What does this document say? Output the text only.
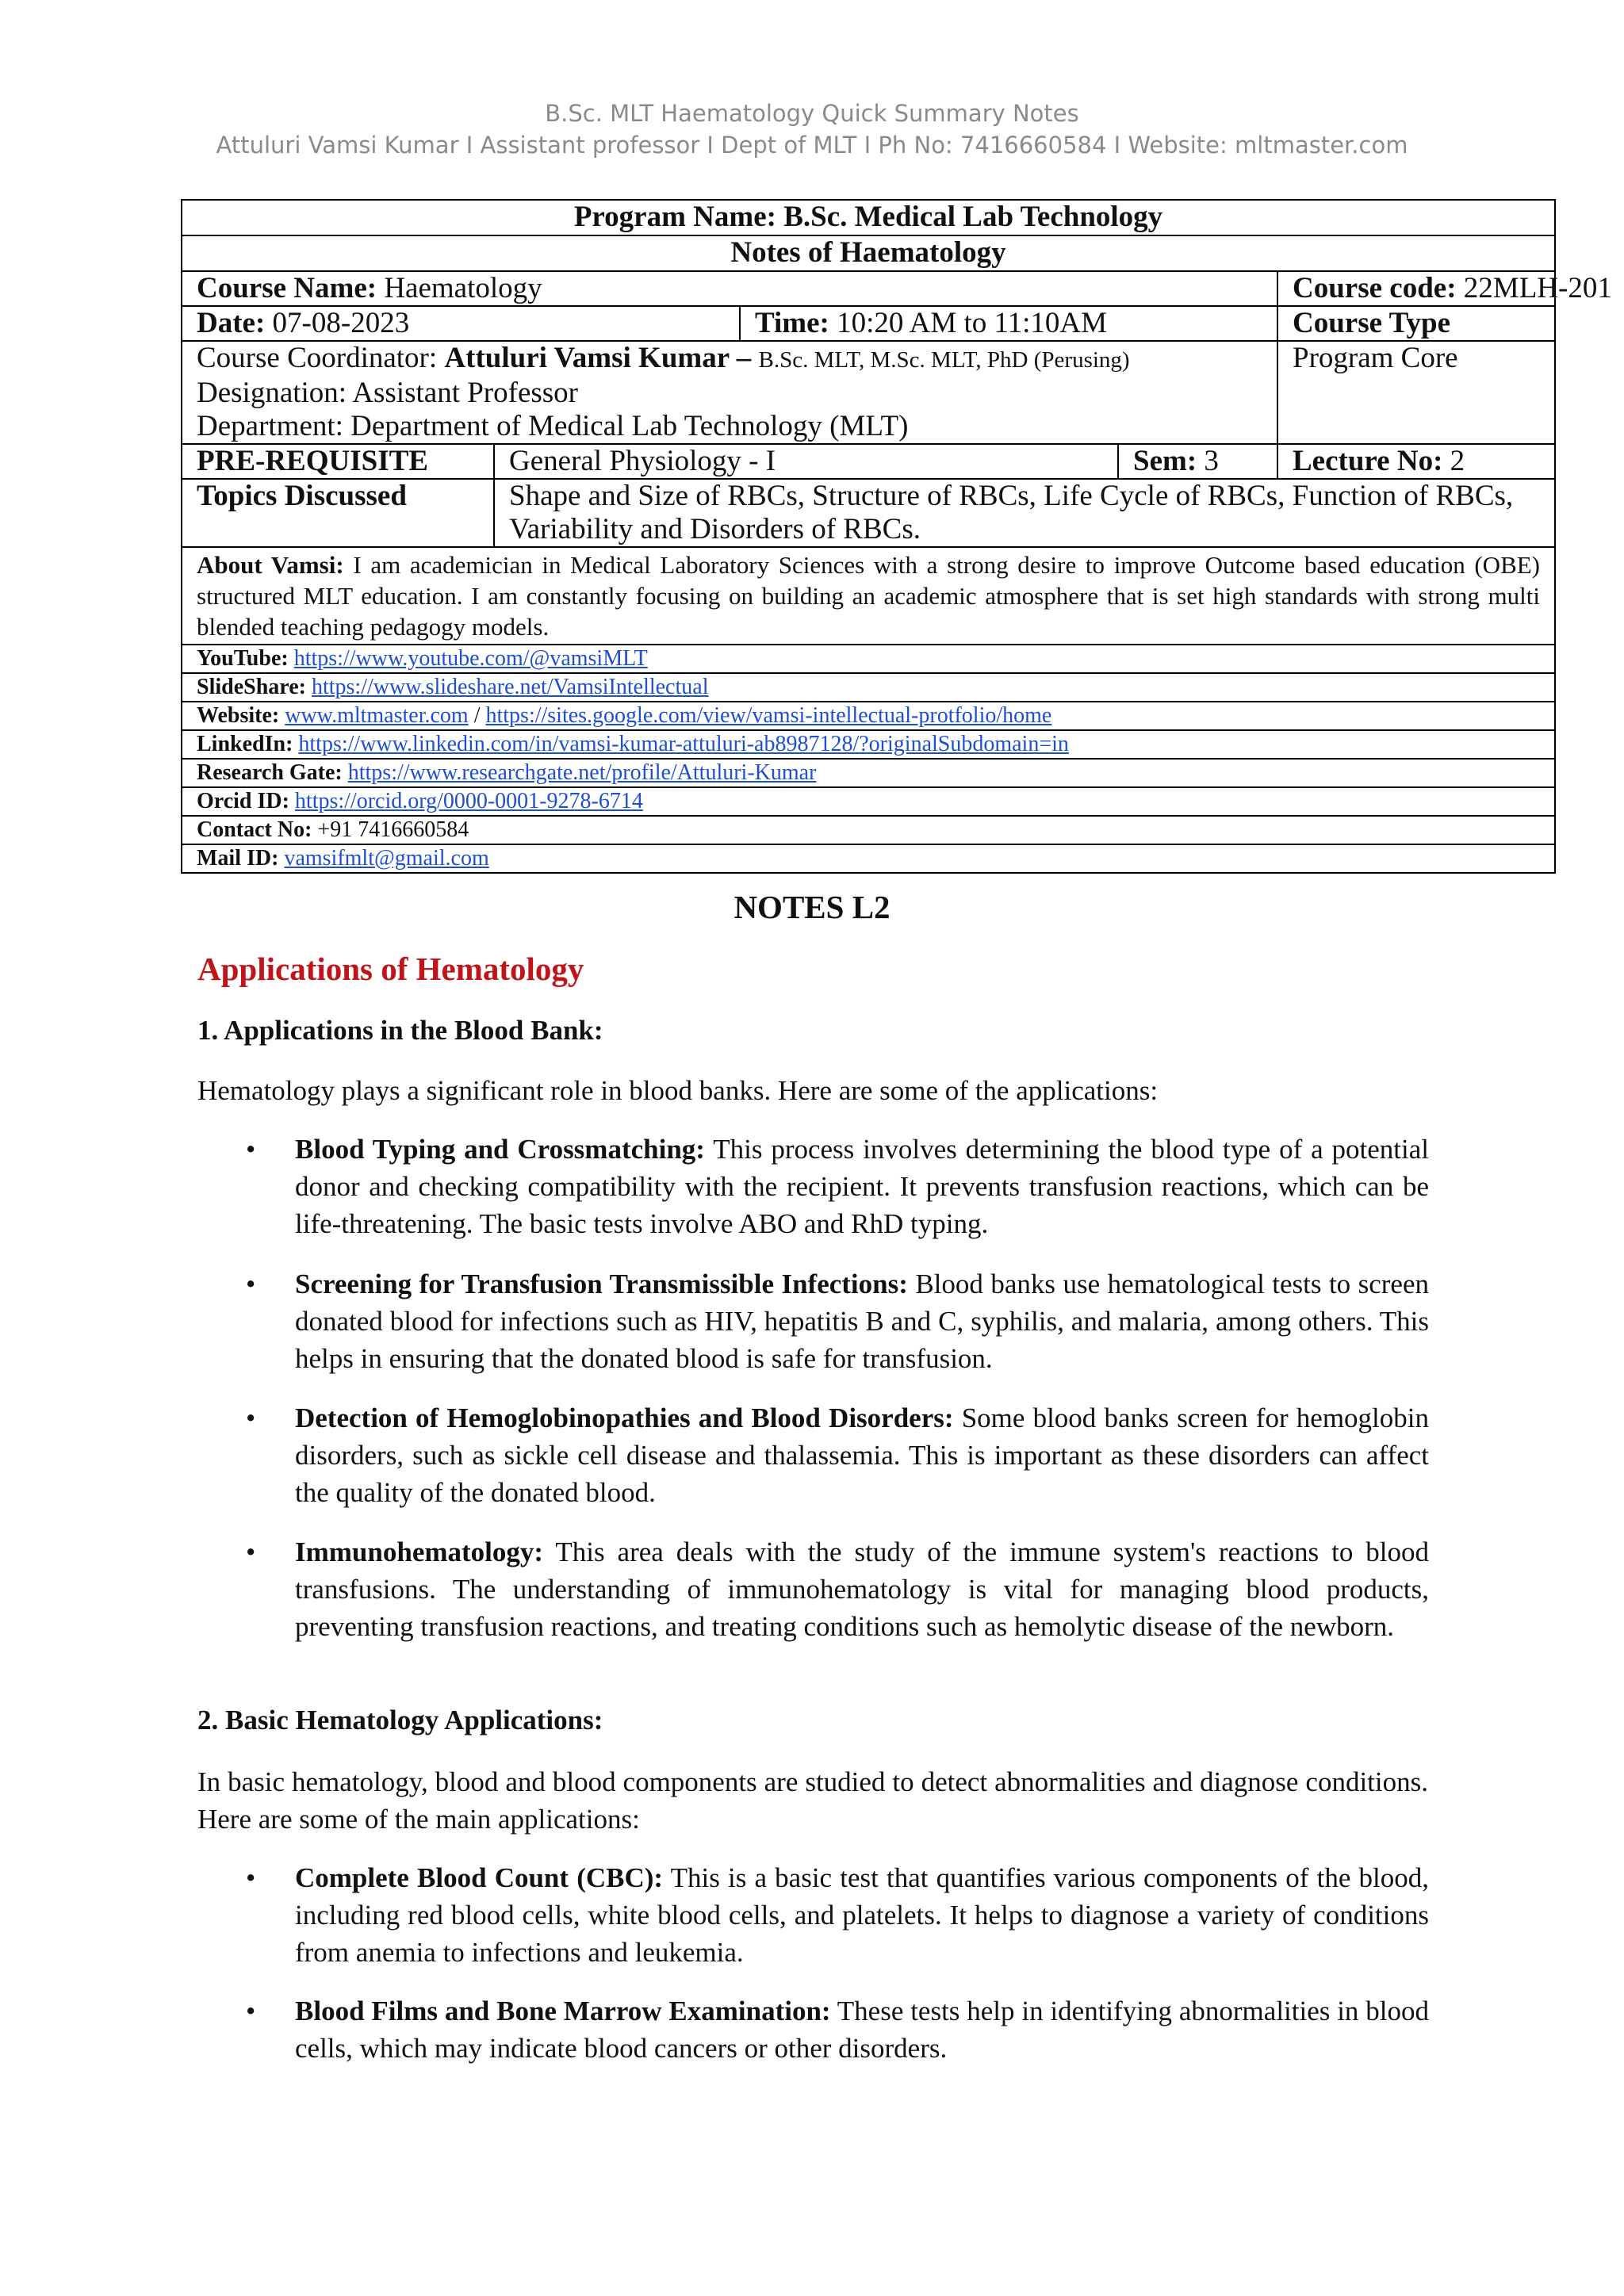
B.Sc. MLT Haematology Quick Summary Notes
Attuluri Vamsi Kumar I Assistant professor I Dept of MLT I Ph No: 7416660584 I Website: mltmaster.com
Program Name: B.Sc. Medical Lab Technology				
Notes of Haematology				
Course Name: Haematology				Course code: 22MLH-201
Date: 07-08-2023		Time: 10:20 AM to 11:10AM		Course Type

Course Coordinator: Attuluri Vamsi Kumar – B.Sc. MLT, M.Sc. MLT, PhD (Perusing)
Designation: Assistant Professor
Department: Department of Medical Lab Technology (MLT)				Program Core
PRE-REQUISITE	General Physiology - I		Sem: 3	Lecture No: 2
Topics Discussed	Shape and Size of RBCs, Structure of RBCs, Life Cycle of RBCs, Function of RBCs, Variability and Disorders of RBCs.			
About Vamsi: I am academician in Medical Laboratory Sciences with a strong desire to improve Outcome based education (OBE) structured MLT education. I am constantly focusing on building an academic atmosphere that is set high standards with strong multi blended teaching pedagogy models.				
YouTube: https://www.youtube.com/@vamsiMLT				
SlideShare: https://www.slideshare.net/VamsiIntellectual				
Website: www.mltmaster.com / https://sites.google.com/view/vamsi-intellectual-protfolio/home				
LinkedIn: https://www.linkedin.com/in/vamsi-kumar-attuluri-ab8987128/?originalSubdomain=in				
Research Gate: https://www.researchgate.net/profile/Attuluri-Kumar				
Orcid ID: https://orcid.org/0000-0001-9278-6714				
Contact No: +91 7416660584				
Mail ID: vamsifmlt@gmail.com				
NOTES L2
Applications of Hematology
1. Applications in the Blood Bank:
Hematology plays a significant role in blood banks. Here are some of the applications:
• Blood Typing and Crossmatching: This process involves determining the blood type of a potential donor and checking compatibility with the recipient. It prevents transfusion reactions, which can be life-threatening. The basic tests involve ABO and RhD typing.
• Screening for Transfusion Transmissible Infections: Blood banks use hematological tests to screen donated blood for infections such as HIV, hepatitis B and C, syphilis, and malaria, among others. This helps in ensuring that the donated blood is safe for transfusion.
• Detection of Hemoglobinopathies and Blood Disorders: Some blood banks screen for hemoglobin disorders, such as sickle cell disease and thalassemia. This is important as these disorders can affect the quality of the donated blood.
• Immunohematology: This area deals with the study of the immune system's reactions to blood transfusions. The understanding of immunohematology is vital for managing blood products, preventing transfusion reactions, and treating conditions such as hemolytic disease of the newborn.
2. Basic Hematology Applications:
In basic hematology, blood and blood components are studied to detect abnormalities and diagnose conditions. Here are some of the main applications:
• Complete Blood Count (CBC): This is a basic test that quantifies various components of the blood, including red blood cells, white blood cells, and platelets. It helps to diagnose a variety of conditions from anemia to infections and leukemia.
• Blood Films and Bone Marrow Examination: These tests help in identifying abnormalities in blood cells, which may indicate blood cancers or other disorders.
